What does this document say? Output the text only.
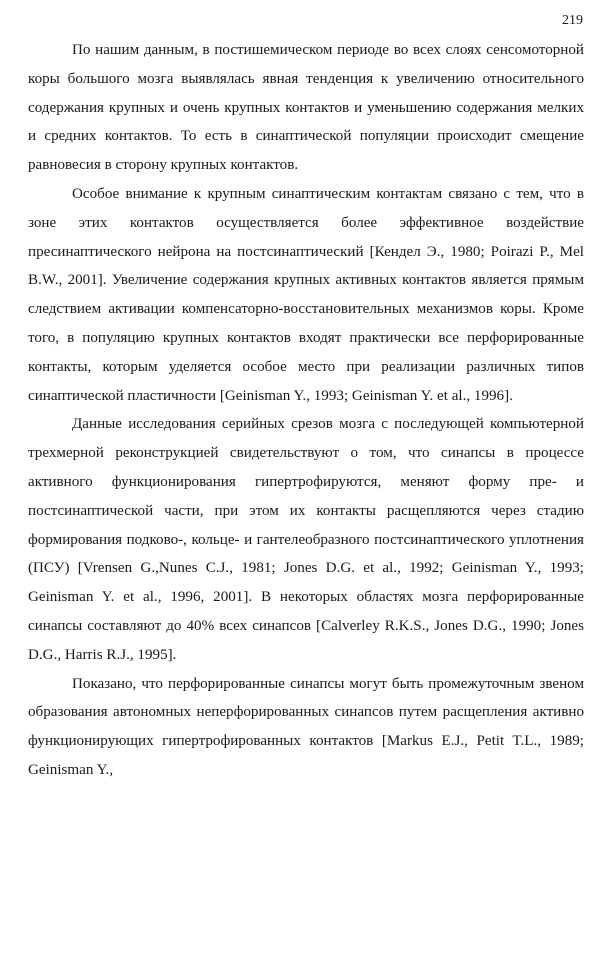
219

По нашим данным, в постишемическом периоде во всех слоях сенсомоторной коры большого мозга выявлялась явная тенденция к увеличению относительного содержания крупных и очень крупных контактов и уменьшению содержания мелких и средних контактов. То есть в синаптической популяции происходит смещение равновесия в сторону крупных контактов.

Особое внимание к крупным синаптическим контактам связано с тем, что в зоне этих контактов осуществляется более эффективное воздействие пресинаптического нейрона на постсинаптический [Кендел Э., 1980; Poirazi P., Mel B.W., 2001]. Увеличение содержания крупных активных контактов является прямым следствием активации компенсаторно-восстановительных механизмов коры. Кроме того, в популяцию крупных контактов входят практически все перфорированные контакты, которым уделяется особое место при реализации различных типов синаптической пластичности [Geinisman Y., 1993; Geinisman Y. et al., 1996].

Данные исследования серийных срезов мозга с последующей компьютерной трехмерной реконструкцией свидетельствуют о том, что синапсы в процессе активного функционирования гипертрофируются, меняют форму пре- и постсинаптической части, при этом их контакты расщепляются через стадию формирования подково-, кольце- и гантелеобразного постсинаптического уплотнения (ПСУ) [Vrensen G.,Nunes C.J., 1981; Jones D.G. et al., 1992; Geinisman Y., 1993; Geinisman Y. et al., 1996, 2001]. В некоторых областях мозга перфорированные синапсы составляют до 40% всех синапсов [Calverley R.K.S., Jones D.G., 1990; Jones D.G., Harris R.J., 1995].

Показано, что перфорированные синапсы могут быть промежуточным звеном образования автономных неперфорированных синапсов путем расщепления активно функционирующих гипертрофированных контактов [Markus E.J., Petit T.L., 1989; Geinisman Y.,
